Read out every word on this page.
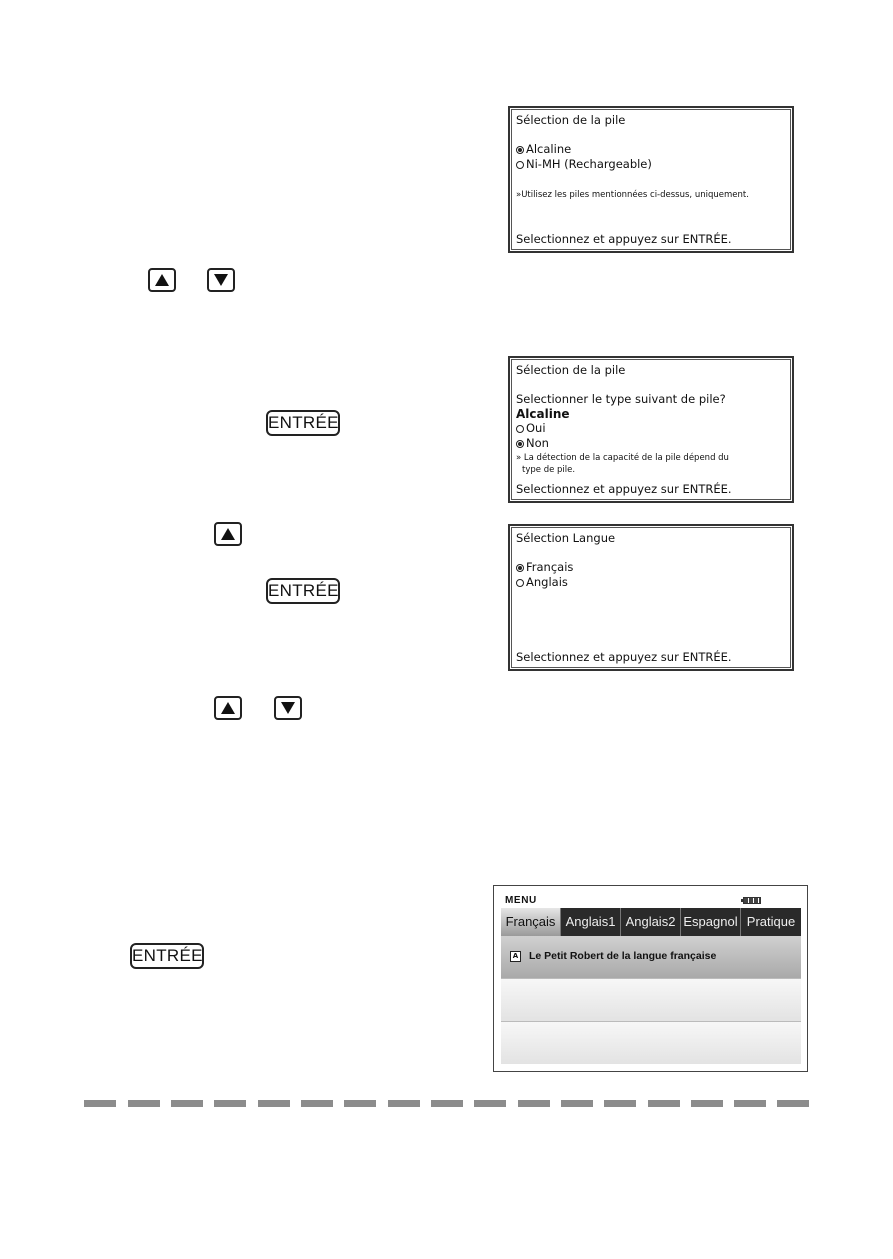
Sélection de la pile
Alcaline
Ni-MH (Rechargeable)
»Utilisez les piles mentionnées ci-dessus, uniquement.
Selectionnez et appuyez sur ENTRÉE.
Sélection de la pile
Selectionner le type suivant de pile?
Alcaline
Oui
Non
» La détection de la capacité de la pile dépend du
type de pile.
Selectionnez et appuyez sur ENTRÉE.
ENTRÉE
ENTRÉE
Sélection Langue
Français
Anglais
Selectionnez et appuyez sur ENTRÉE.
ENTRÉE
MENU
Français Anglais1 Anglais2 Espagnol Pratique
A Le Petit Robert de la langue française
